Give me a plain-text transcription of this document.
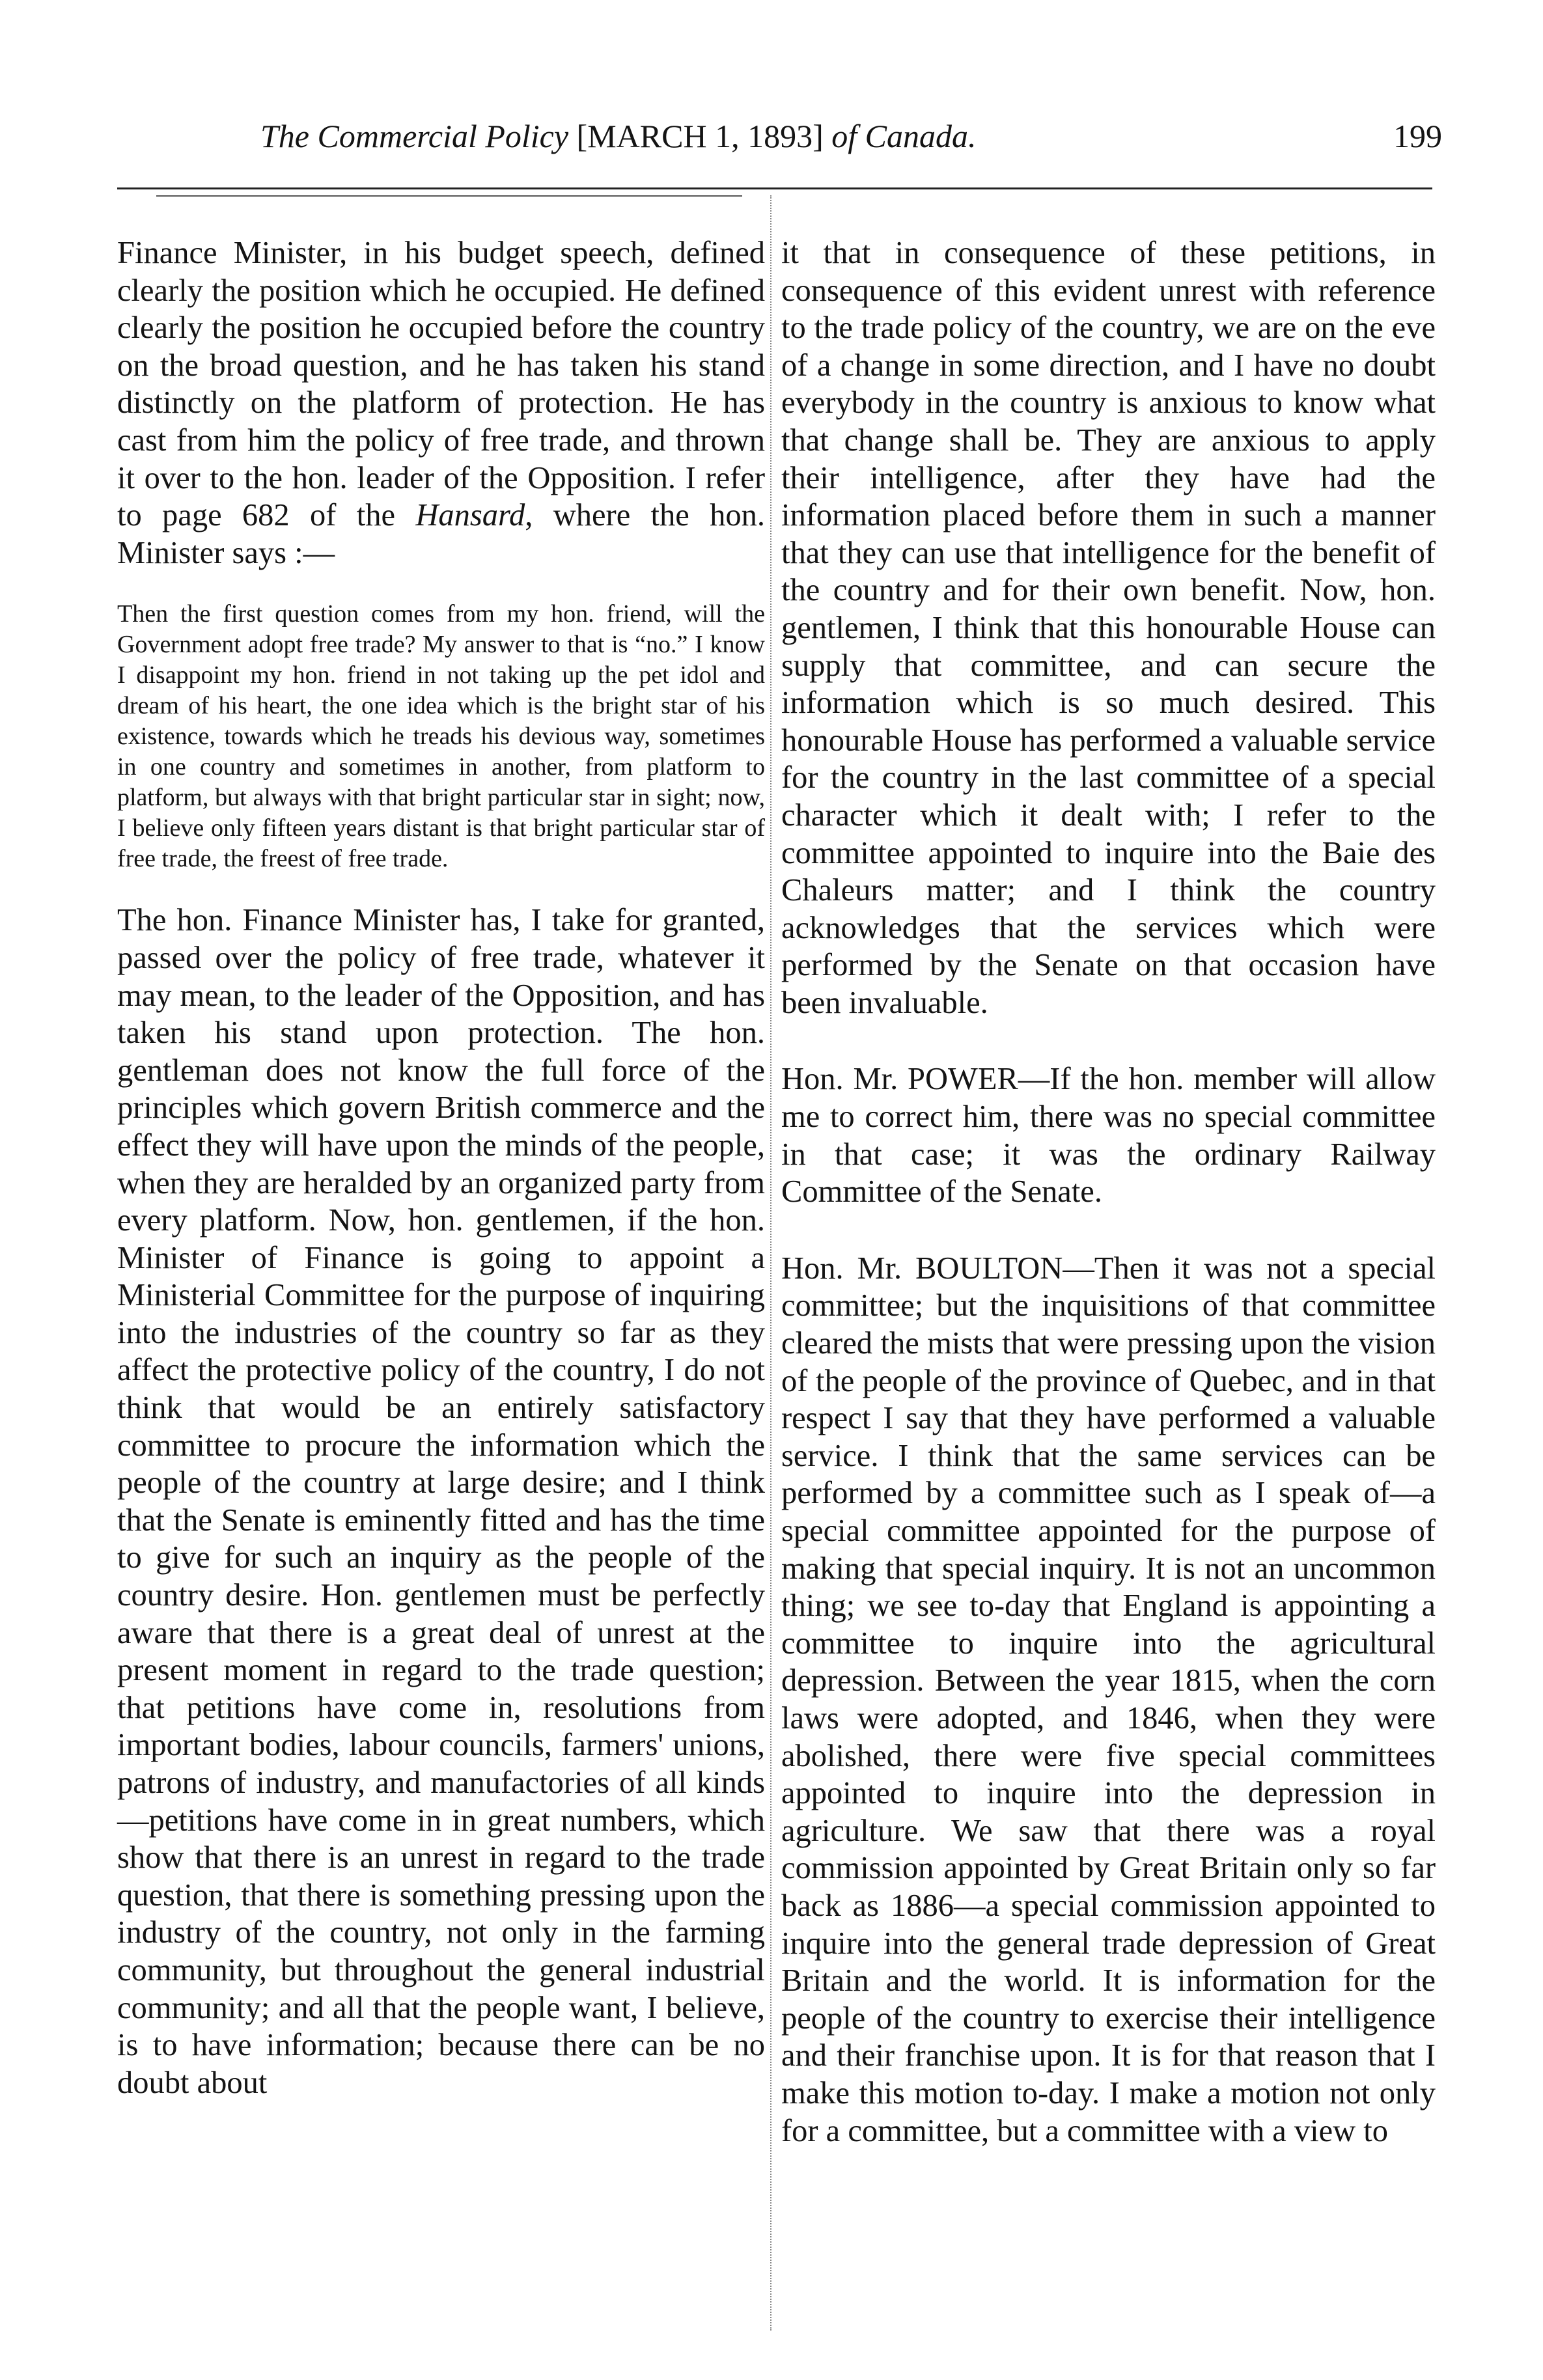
The Commercial Policy [MARCH 1, 1893] of Canada.	199

Finance Minister, in his budget speech, defined clearly the position which he occupied. He defined clearly the position he occupied before the country on the broad question, and he has taken his stand distinctly on the platform of protection. He has cast from him the policy of free trade, and thrown it over to the hon. leader of the Opposition. I refer to page 682 of the Hansard, where the hon. Minister says :—

Then the first question comes from my hon. friend, will the Government adopt free trade? My answer to that is “no.” I know I disappoint my hon. friend in not taking up the pet idol and dream of his heart, the one idea which is the bright star of his existence, towards which he treads his devious way, sometimes in one country and sometimes in another, from platform to platform, but always with that bright particular star in sight; now, I believe only fifteen years distant is that bright particular star of free trade, the freest of free trade.

The hon. Finance Minister has, I take for granted, passed over the policy of free trade, whatever it may mean, to the leader of the Opposition, and has taken his stand upon protection. The hon. gentleman does not know the full force of the principles which govern British commerce and the effect they will have upon the minds of the people, when they are heralded by an organized party from every platform. Now, hon. gentlemen, if the hon. Minister of Finance is going to appoint a Ministerial Committee for the purpose of inquiring into the industries of the country so far as they affect the protective policy of the country, I do not think that would be an entirely satisfactory committee to procure the information which the people of the country at large desire; and I think that the Senate is eminently fitted and has the time to give for such an inquiry as the people of the country desire. Hon. gentlemen must be perfectly aware that there is a great deal of unrest at the present moment in regard to the trade question; that petitions have come in, resolutions from important bodies, labour councils, farmers' unions, patrons of industry, and manufactories of all kinds—petitions have come in in great numbers, which show that there is an unrest in regard to the trade question, that there is something pressing upon the industry of the country, not only in the farming community, but throughout the general industrial community; and all that the people want, I believe, is to have information; because there can be no doubt about

it that in consequence of these petitions, in consequence of this evident unrest with reference to the trade policy of the country, we are on the eve of a change in some direction, and I have no doubt everybody in the country is anxious to know what that change shall be. They are anxious to apply their intelligence, after they have had the information placed before them in such a manner that they can use that intelligence for the benefit of the country and for their own benefit. Now, hon. gentlemen, I think that this honourable House can supply that committee, and can secure the information which is so much desired. This honourable House has performed a valuable service for the country in the last committee of a special character which it dealt with; I refer to the committee appointed to inquire into the Baie des Chaleurs matter; and I think the country acknowledges that the services which were performed by the Senate on that occasion have been invaluable.

Hon. Mr. POWER—If the hon. member will allow me to correct him, there was no special committee in that case; it was the ordinary Railway Committee of the Senate.

Hon. Mr. BOULTON—Then it was not a special committee; but the inquisitions of that committee cleared the mists that were pressing upon the vision of the people of the province of Quebec, and in that respect I say that they have performed a valuable service. I think that the same services can be performed by a committee such as I speak of—a special committee appointed for the purpose of making that special inquiry. It is not an uncommon thing; we see to-day that England is appointing a committee to inquire into the agricultural depression. Between the year 1815, when the corn laws were adopted, and 1846, when they were abolished, there were five special committees appointed to inquire into the depression in agriculture. We saw that there was a royal commission appointed by Great Britain only so far back as 1886—a special commission appointed to inquire into the general trade depression of Great Britain and the world. It is information for the people of the country to exercise their intelligence and their franchise upon. It is for that reason that I make this motion to-day. I make a motion not only for a committee, but a committee with a view to
